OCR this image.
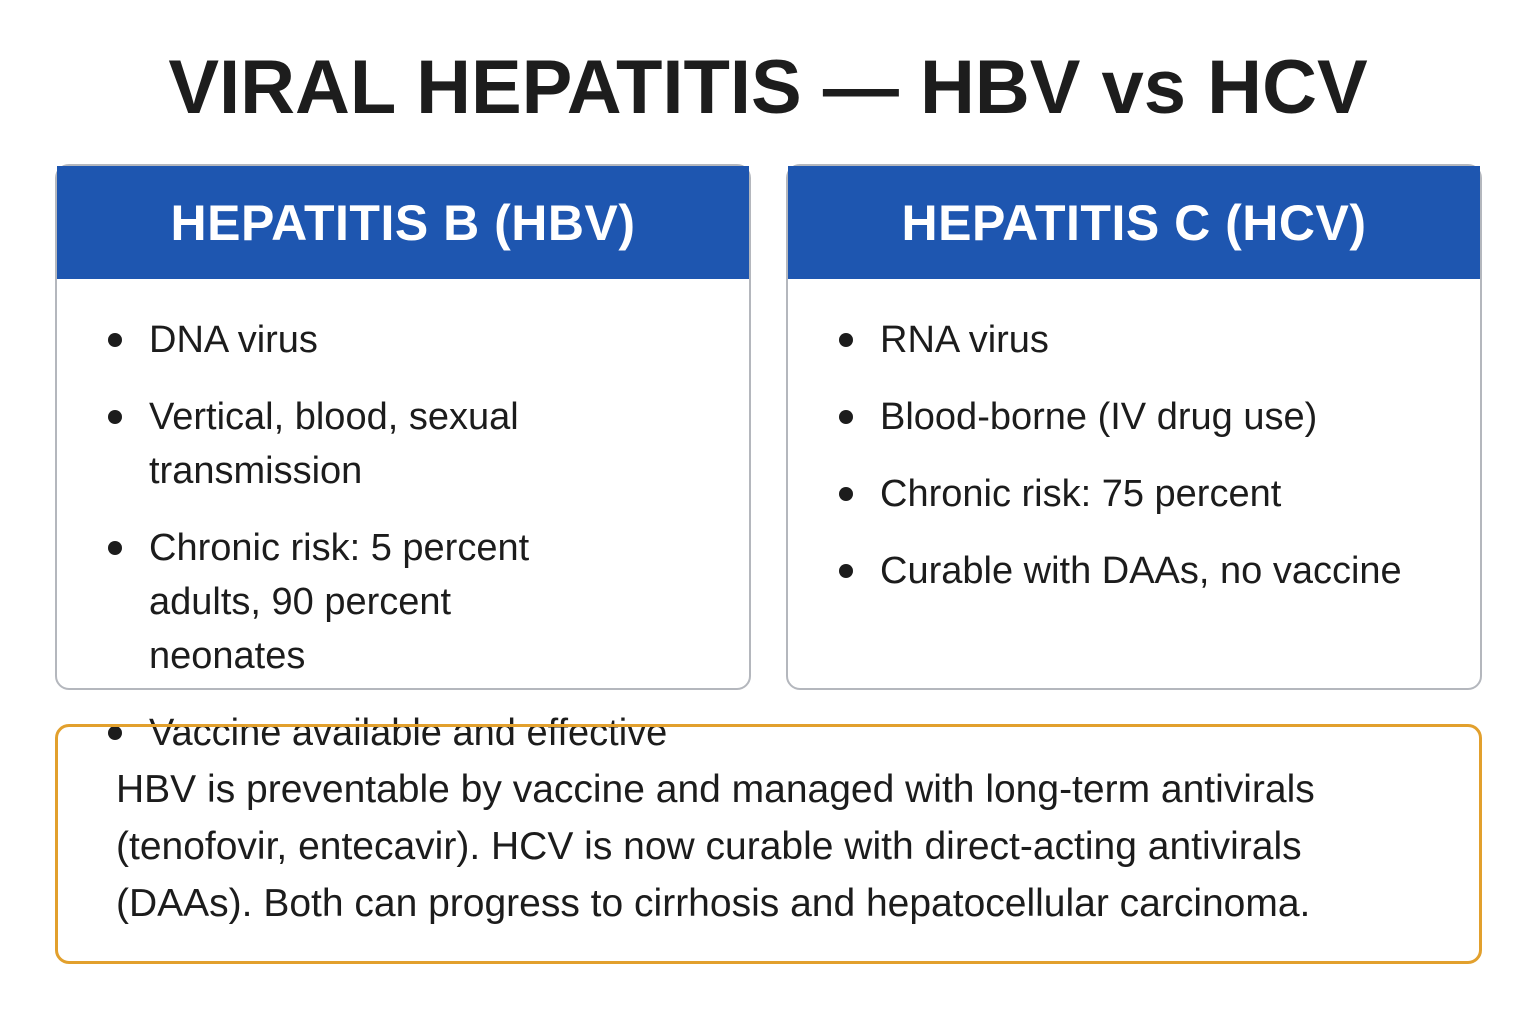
VIRAL HEPATITIS — HBV vs HCV
HEPATITIS B (HBV)
DNA virus
Vertical, blood, sexual transmission
Chronic risk: 5 percent adults, 90 percent neonates
Vaccine available and effective
HEPATITIS C (HCV)
RNA virus
Blood-borne (IV drug use)
Chronic risk: 75 percent
Curable with DAAs, no vaccine
HBV is preventable by vaccine and managed with long-term antivirals (tenofovir, entecavir). HCV is now curable with direct-acting antivirals (DAAs). Both can progress to cirrhosis and hepatocellular carcinoma.
